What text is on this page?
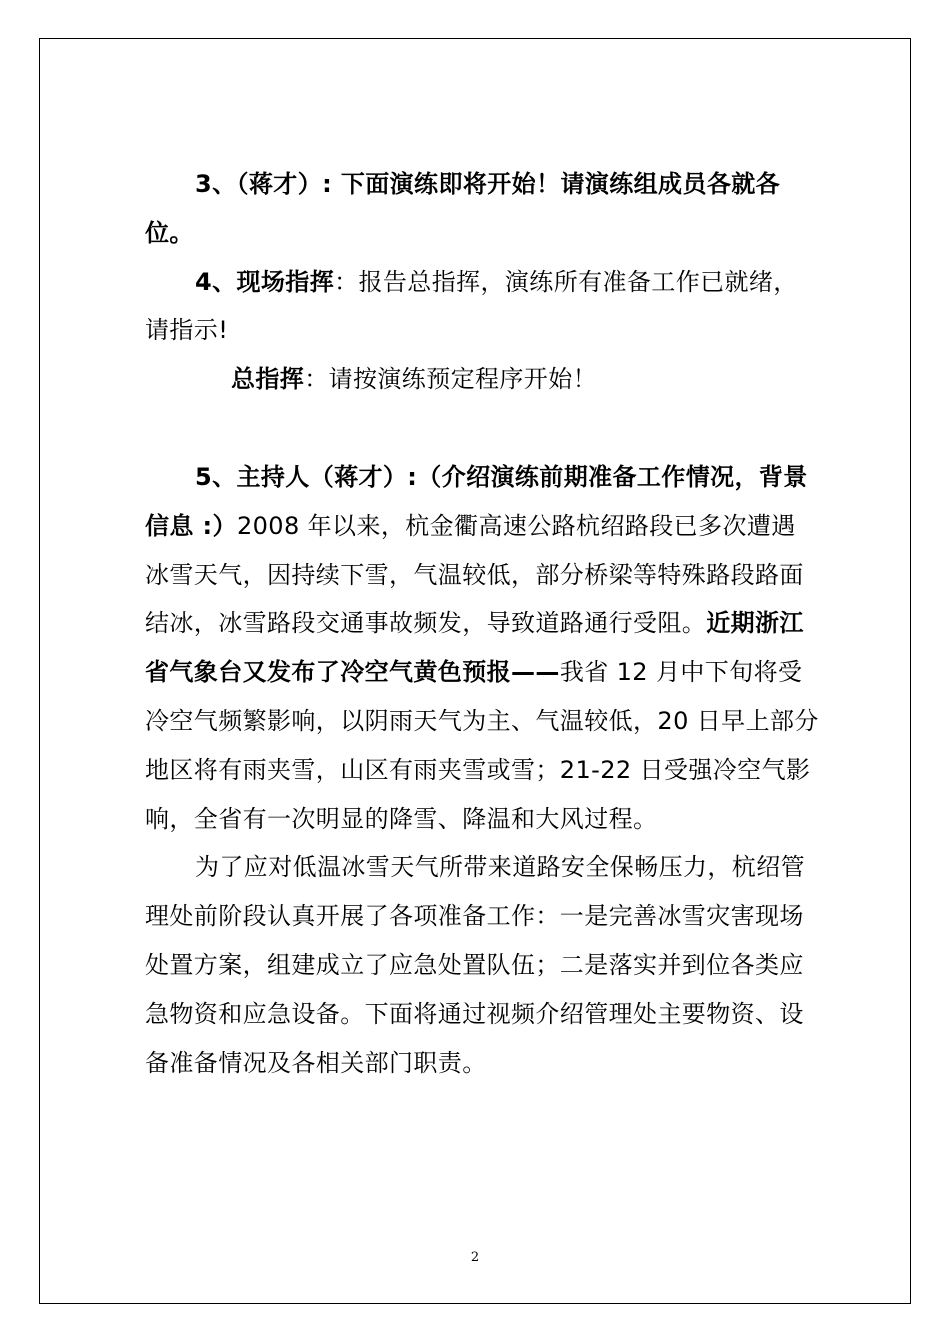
3、（蒋才）: 下面演练即将开始！请演练组成员各就各位。

4、现场指挥：报告总指挥，演练所有准备工作已就绪，请指示!

总指挥：请按演练预定程序开始！

5、主持人（蒋才）:（介绍演练前期准备工作情况，背景信息 :）2008 年以来，杭金衢高速公路杭绍路段已多次遭遇冰雪天气，因持续下雪，气温较低，部分桥梁等特殊路段路面结冰，冰雪路段交通事故频发，导致道路通行受阻。近期浙江省气象台又发布了冷空气黄色预报——我省 12 月中下旬将受冷空气频繁影响，以阴雨天气为主、气温较低，20 日早上部分地区将有雨夹雪，山区有雨夹雪或雪；21-22 日受强冷空气影响，全省有一次明显的降雪、降温和大风过程。

为了应对低温冰雪天气所带来道路安全保畅压力，杭绍管理处前阶段认真开展了各项准备工作：一是完善冰雪灾害现场处置方案，组建成立了应急处置队伍；二是落实并到位各类应急物资和应急设备。下面将通过视频介绍管理处主要物资、设备准备情况及各相关部门职责。

2
